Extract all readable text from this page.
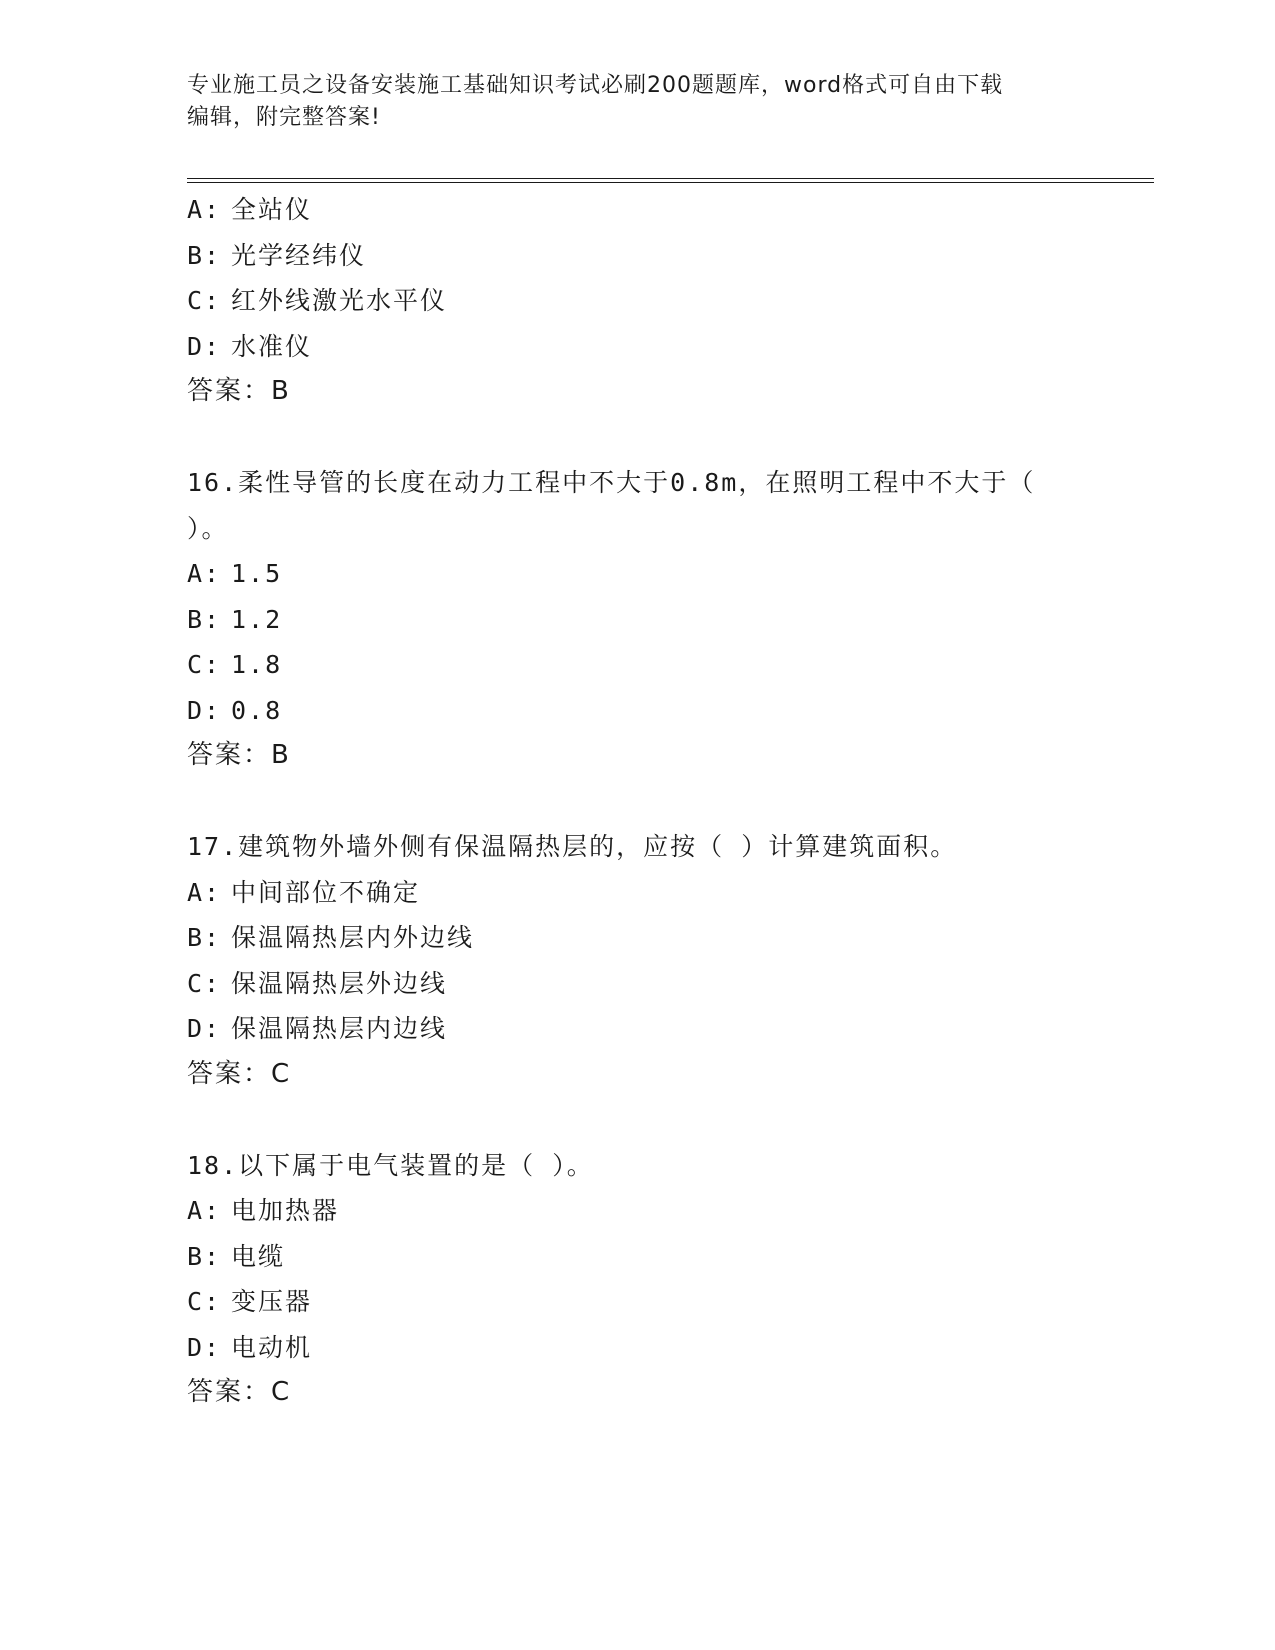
专业施工员之设备安装施工基础知识考试必刷200题题库，word格式可自由下载
编辑，附完整答案!
A: 全站仪
B: 光学经纬仪
C: 红外线激光水平仪
D: 水准仪
答案：B
16.柔性导管的长度在动力工程中不大于0.8m，在照明工程中不大于（
）。
A: 1.5
B: 1.2
C: 1.8
D: 0.8
答案：B
17.建筑物外墙外侧有保温隔热层的，应按（ ）计算建筑面积。
A: 中间部位不确定
B: 保温隔热层内外边线
C: 保温隔热层外边线
D: 保温隔热层内边线
答案：C
18.以下属于电气装置的是（ ）。
A: 电加热器
B: 电缆
C: 变压器
D: 电动机
答案：C
